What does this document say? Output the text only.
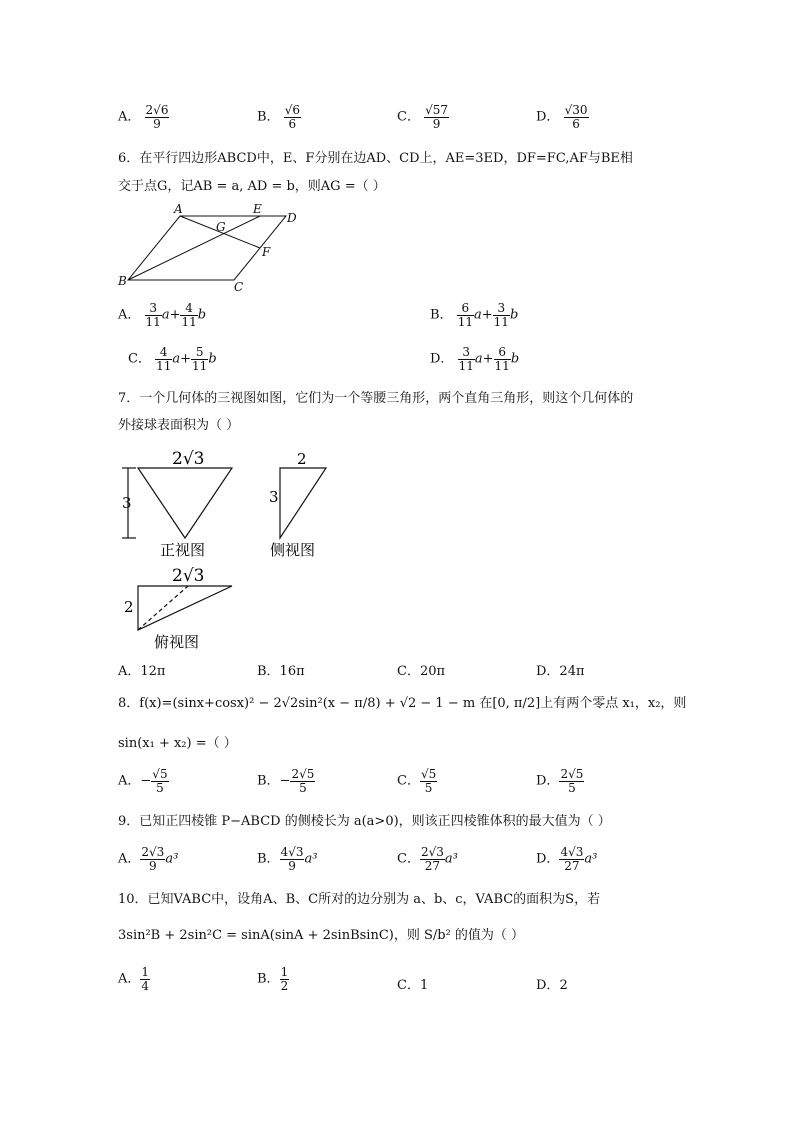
A． $\frac{2√6}{9}$	B． $\frac{√6}{6}$	C． $\frac{√57}{9}$	D． $\frac{√30}{6}$
6．在平行四边形ABCD中，E、F分别在边AD、CD上，AE=3ED，DF=FC,AF与BE相
交于点G，记AB = a, AD = b，则AG =（ ）
A	E
D
G
F
B	C
A． $\frac{3}{11} a+ \frac{4}{11}$ b	B． $\frac{6}{11} a+ \frac{3}{11}$ b
C． $\frac{4}{11} a+ \frac{5}{11}$ b	D． $\frac{3}{11} a+ \frac{6}{11}$ b
7．一个几何体的三视图如图，它们为一个等腰三角形，两个直角三角形，则这个几何体的
外接球表面积为（ ）
2√3
3
正视图
2
3
侧视图
2√3
2
俯视图
A．12π	B．16π	C．20π	D．24π
8．f(x)=(sinx+cosx)² − 2√2sin²(x − π/8) + √2 − 1 − m 在[0, π/2]上有两个零点 x₁，x₂，则
sin(x₁ + x₂) =（ ）
A．− $\frac{√5}{5}$	B．− $\frac{2√5}{5}$	C． $\frac{√5}{5}$	D． $\frac{2√5}{5}$
9．已知正四棱锥 P−ABCD 的侧棱长为 a(a>0)，则该正四棱锥体积的最大值为（ ）
A． $\frac{2√3}{9} a^3$	B． $\frac{4√3}{9} a^3$	C． $\frac{2√3}{27} a^3$	D． $\frac{4√3}{27} a^3$
10．已知VABC中，设角A、B、C所对的边分别为 a、b、c，VABC的面积为S，若
3sin²B + 2sin²C = sinA(sinA + 2sinBsinC)，则 S/b² 的值为（ ）
A． $\frac{1}{4}$	B． $\frac{1}{2}$	C．1	D．2
